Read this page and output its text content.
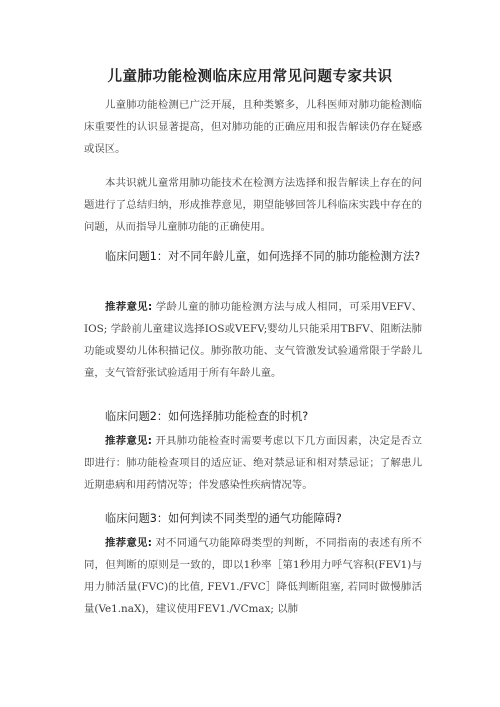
儿童肺功能检测临床应用常见问题专家共识

儿童肺功能检测已广泛开展，且种类繁多，儿科医师对肺功能检测临床重要性的认识显著提高，但对肺功能的正确应用和报告解读仍存在疑惑或误区。

本共识就儿童常用肺功能技术在检测方法选择和报告解读上存在的问题进行了总结归纳，形成推荐意见，期望能够回答儿科临床实践中存在的问题，从而指导儿童肺功能的正确使用。

临床问题1：对不同年龄儿童，如何选择不同的肺功能检测方法?

推荐意见: 学龄儿童的肺功能检测方法与成人相同，可采用VEFV、IOS; 学龄前儿童建议选择IOS或VEFV;婴幼儿只能采用TBFV、阻断法肺功能或婴幼儿体积描记仪。肺弥散功能、支气管激发试验通常限于学龄儿童，支气管舒张试验适用于所有年龄儿童。

临床问题2：如何选择肺功能检查的时机?

推荐意见: 开具肺功能检查时需要考虑以下几方面因素，决定是否立即进行：肺功能检查项目的适应证、绝对禁忌证和相对禁忌证；了解患儿近期患病和用药情况等；伴发感染性疾病情况等。

临床问题3：如何判读不同类型的通气功能障碍?

推荐意见: 对不同通气功能障碍类型的判断，不同指南的表述有所不同，但判断的原则是一致的，即以1秒率［第1秒用力呼气容积(FEV1)与用力肺活量(FVC)的比值, FEV1./FVC］降低判断阻塞, 若同时做慢肺活量(Ve1.naX)，建议使用FEV1./VCmax; 以肺
